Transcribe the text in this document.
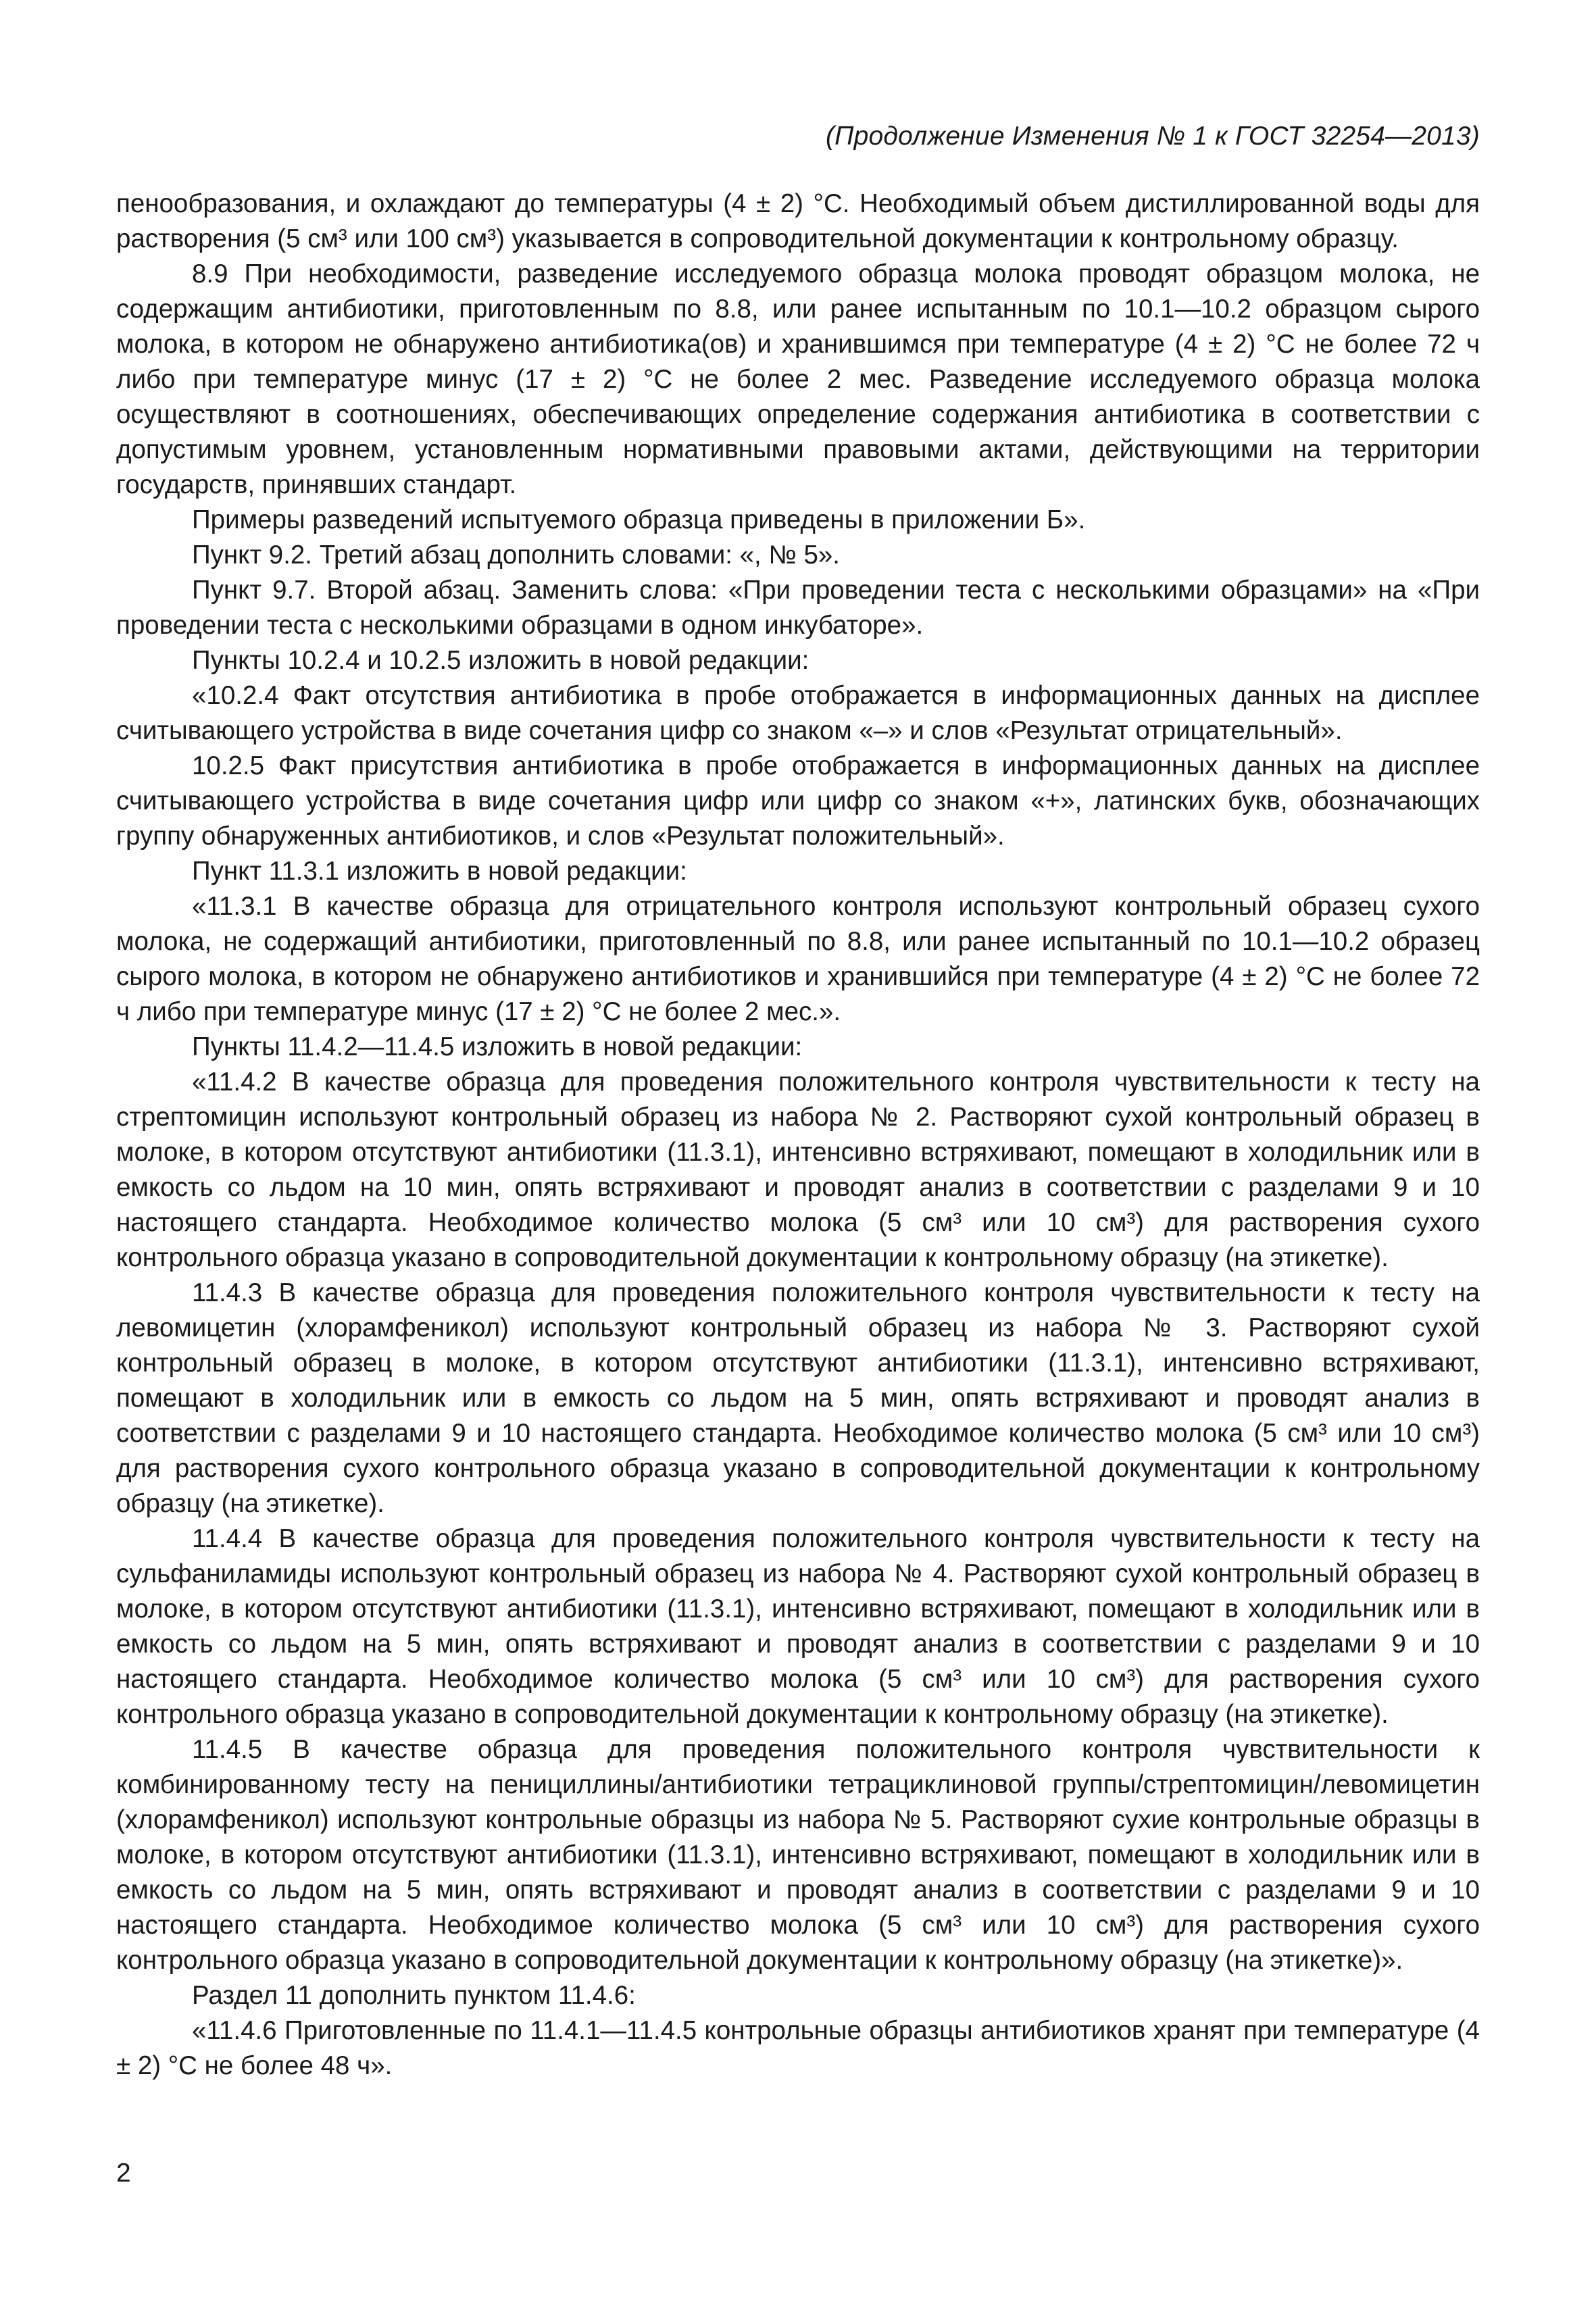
(Продолжение Изменения № 1 к ГОСТ 32254—2013)

пенообразования, и охлаждают до температуры (4 ± 2) °С. Необходимый объем дистиллированной воды для растворения (5 см³ или 100 см³) указывается в сопроводительной документации к контрольному образцу.

8.9 При необходимости, разведение исследуемого образца молока проводят образцом молока, не содержащим антибиотики, приготовленным по 8.8, или ранее испытанным по 10.1—10.2 образцом сырого молока, в котором не обнаружено антибиотика(ов) и хранившимся при температуре (4 ± 2) °С не более 72 ч либо при температуре минус (17 ± 2) °С не более 2 мес. Разведение исследуемого образца молока осуществляют в соотношениях, обеспечивающих определение содержания антибиотика в соответствии с допустимым уровнем, установленным нормативными правовыми актами, действующими на территории государств, принявших стандарт.

Примеры разведений испытуемого образца приведены в приложении Б».

Пункт 9.2. Третий абзац дополнить словами: «, № 5».

Пункт 9.7. Второй абзац. Заменить слова: «При проведении теста с несколькими образцами» на «При проведении теста с несколькими образцами в одном инкубаторе».

Пункты 10.2.4 и 10.2.5 изложить в новой редакции:

«10.2.4 Факт отсутствия антибиотика в пробе отображается в информационных данных на дисплее считывающего устройства в виде сочетания цифр со знаком «–» и слов «Результат отрицательный».

10.2.5 Факт присутствия антибиотика в пробе отображается в информационных данных на дисплее считывающего устройства в виде сочетания цифр или цифр со знаком «+», латинских букв, обозначающих группу обнаруженных антибиотиков, и слов «Результат положительный».

Пункт 11.3.1 изложить в новой редакции:

«11.3.1 В качестве образца для отрицательного контроля используют контрольный образец сухого молока, не содержащий антибиотики, приготовленный по 8.8, или ранее испытанный по 10.1—10.2 образец сырого молока, в котором не обнаружено антибиотиков и хранившийся при температуре (4 ± 2) °С не более 72 ч либо при температуре минус (17 ± 2) °С не более 2 мес.».

Пункты 11.4.2—11.4.5 изложить в новой редакции:

«11.4.2 В качестве образца для проведения положительного контроля чувствительности к тесту на стрептомицин используют контрольный образец из набора № 2. Растворяют сухой контрольный образец в молоке, в котором отсутствуют антибиотики (11.3.1), интенсивно встряхивают, помещают в холодильник или в емкость со льдом на 10 мин, опять встряхивают и проводят анализ в соответствии с разделами 9 и 10 настоящего стандарта. Необходимое количество молока (5 см³ или 10 см³) для растворения сухого контрольного образца указано в сопроводительной документации к контрольному образцу (на этикетке).

11.4.3 В качестве образца для проведения положительного контроля чувствительности к тесту на левомицетин (хлорамфеникол) используют контрольный образец из набора № 3. Растворяют сухой контрольный образец в молоке, в котором отсутствуют антибиотики (11.3.1), интенсивно встряхивают, помещают в холодильник или в емкость со льдом на 5 мин, опять встряхивают и проводят анализ в соответствии с разделами 9 и 10 настоящего стандарта. Необходимое количество молока (5 см³ или 10 см³) для растворения сухого контрольного образца указано в сопроводительной документации к контрольному образцу (на этикетке).

11.4.4 В качестве образца для проведения положительного контроля чувствительности к тесту на сульфаниламиды используют контрольный образец из набора № 4. Растворяют сухой контрольный образец в молоке, в котором отсутствуют антибиотики (11.3.1), интенсивно встряхивают, помещают в холодильник или в емкость со льдом на 5 мин, опять встряхивают и проводят анализ в соответствии с разделами 9 и 10 настоящего стандарта. Необходимое количество молока (5 см³ или 10 см³) для растворения сухого контрольного образца указано в сопроводительной документации к контрольному образцу (на этикетке).

11.4.5 В качестве образца для проведения положительного контроля чувствительности к комбинированному тесту на пенициллины/антибиотики тетрациклиновой группы/стрептомицин/левомицетин (хлорамфеникол) используют контрольные образцы из набора № 5. Растворяют сухие контрольные образцы в молоке, в котором отсутствуют антибиотики (11.3.1), интенсивно встряхивают, помещают в холодильник или в емкость со льдом на 5 мин, опять встряхивают и проводят анализ в соответствии с разделами 9 и 10 настоящего стандарта. Необходимое количество молока (5 см³ или 10 см³) для растворения сухого контрольного образца указано в сопроводительной документации к контрольному образцу (на этикетке)».

Раздел 11 дополнить пунктом 11.4.6:

«11.4.6 Приготовленные по 11.4.1—11.4.5 контрольные образцы антибиотиков хранят при температуре (4 ± 2) °С не более 48 ч».

2
